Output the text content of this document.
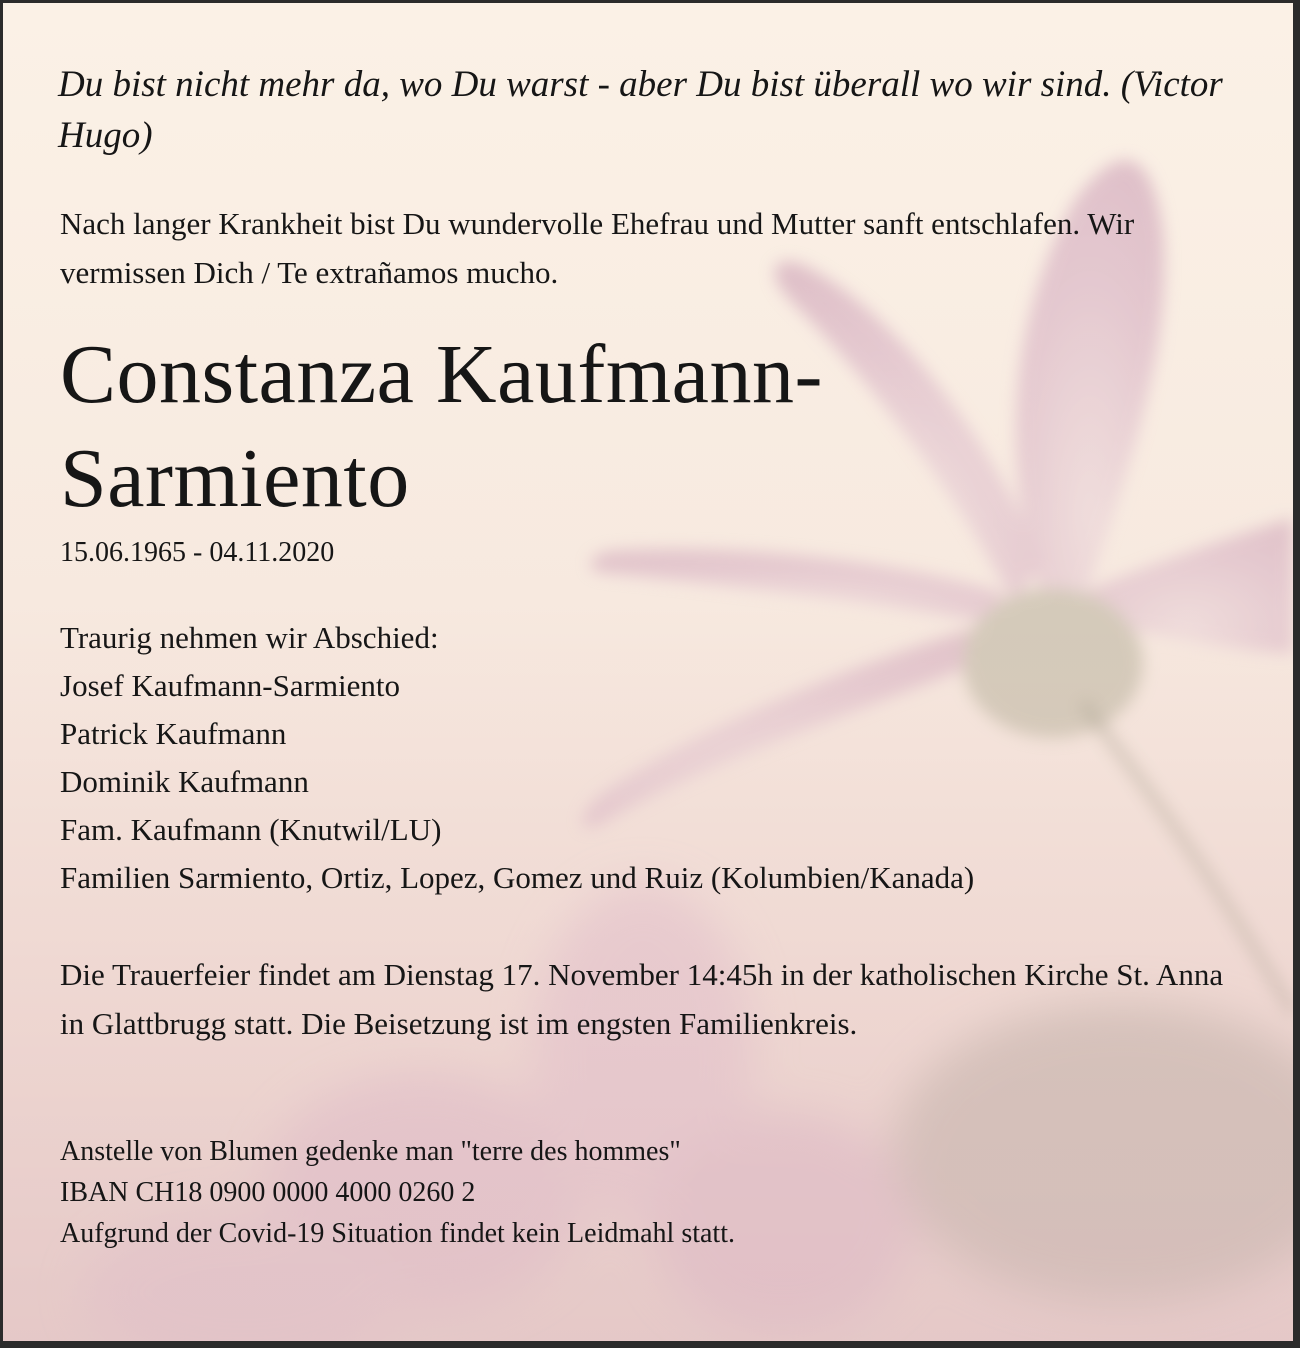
Du bist nicht mehr da, wo Du warst - aber Du bist überall wo wir sind. (Victor Hugo)

Nach langer Krankheit bist Du wundervolle Ehefrau und Mutter sanft entschlafen. Wir vermissen Dich / Te extrañamos mucho.

Constanza Kaufmann-
Sarmiento

15.06.1965 - 04.11.2020

Traurig nehmen wir Abschied:
Josef Kaufmann-Sarmiento
Patrick Kaufmann
Dominik Kaufmann
Fam. Kaufmann (Knutwil/LU)
Familien Sarmiento, Ortiz, Lopez, Gomez und Ruiz (Kolumbien/Kanada)

Die Trauerfeier findet am Dienstag 17. November 14:45h in der katholischen Kirche St. Anna in Glattbrugg statt. Die Beisetzung ist im engsten Familienkreis.

Anstelle von Blumen gedenke man "terre des hommes"
IBAN CH18 0900 0000 4000 0260 2
Aufgrund der Covid-19 Situation findet kein Leidmahl statt.
